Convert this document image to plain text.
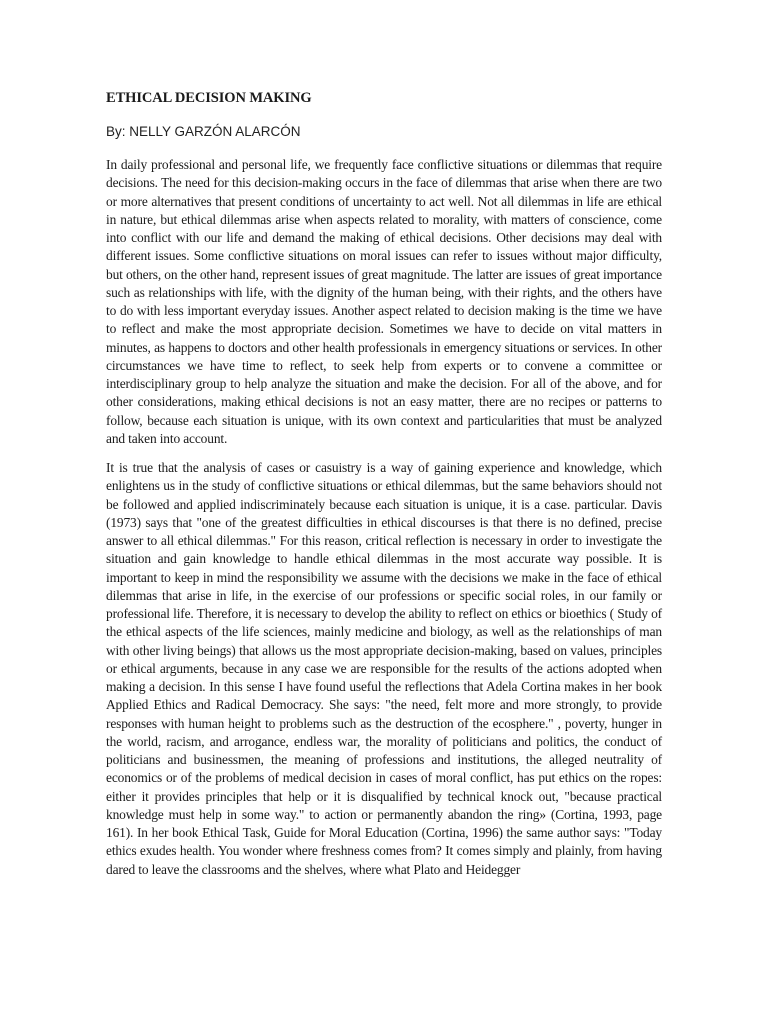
ETHICAL DECISION MAKING
By: NELLY GARZÓN ALARCÓN

In daily professional and personal life, we frequently face conflictive situations or dilemmas that require decisions. The need for this decision-making occurs in the face of dilemmas that arise when there are two or more alternatives that present conditions of uncertainty to act well. Not all dilemmas in life are ethical in nature, but ethical dilemmas arise when aspects related to morality, with matters of conscience, come into conflict with our life and demand the making of ethical decisions. Other decisions may deal with different issues. Some conflictive situations on moral issues can refer to issues without major difficulty, but others, on the other hand, represent issues of great magnitude. The latter are issues of great importance such as relationships with life, with the dignity of the human being, with their rights, and the others have to do with less important everyday issues. Another aspect related to decision making is the time we have to reflect and make the most appropriate decision. Sometimes we have to decide on vital matters in minutes, as happens to doctors and other health professionals in emergency situations or services. In other circumstances we have time to reflect, to seek help from experts or to convene a committee or interdisciplinary group to help analyze the situation and make the decision. For all of the above, and for other considerations, making ethical decisions is not an easy matter, there are no recipes or patterns to follow, because each situation is unique, with its own context and particularities that must be analyzed and taken into account.

It is true that the analysis of cases or casuistry is a way of gaining experience and knowledge, which enlightens us in the study of conflictive situations or ethical dilemmas, but the same behaviors should not be followed and applied indiscriminately because each situation is unique, it is a case. particular. Davis (1973) says that "one of the greatest difficulties in ethical discourses is that there is no defined, precise answer to all ethical dilemmas." For this reason, critical reflection is necessary in order to investigate the situation and gain knowledge to handle ethical dilemmas in the most accurate way possible. It is important to keep in mind the responsibility we assume with the decisions we make in the face of ethical dilemmas that arise in life, in the exercise of our professions or specific social roles, in our family or professional life. Therefore, it is necessary to develop the ability to reflect on ethics or bioethics ( Study of the ethical aspects of the life sciences, mainly medicine and biology, as well as the relationships of man with other living beings) that allows us the most appropriate decision-making, based on values, principles or ethical arguments, because in any case we are responsible for the results of the actions adopted when making a decision. In this sense I have found useful the reflections that Adela Cortina makes in her book Applied Ethics and Radical Democracy. She says: "the need, felt more and more strongly, to provide responses with human height to problems such as the destruction of the ecosphere." , poverty, hunger in the world, racism, and arrogance, endless war, the morality of politicians and politics, the conduct of politicians and businessmen, the meaning of professions and institutions, the alleged neutrality of economics or of the problems of medical decision in cases of moral conflict, has put ethics on the ropes: either it provides principles that help or it is disqualified by technical knock out, "because practical knowledge must help in some way." to action or permanently abandon the ring» (Cortina, 1993, page 161). In her book Ethical Task, Guide for Moral Education (Cortina, 1996) the same author says: "Today ethics exudes health. You wonder where freshness comes from? It comes simply and plainly, from having dared to leave the classrooms and the shelves, where what Plato and Heidegger
